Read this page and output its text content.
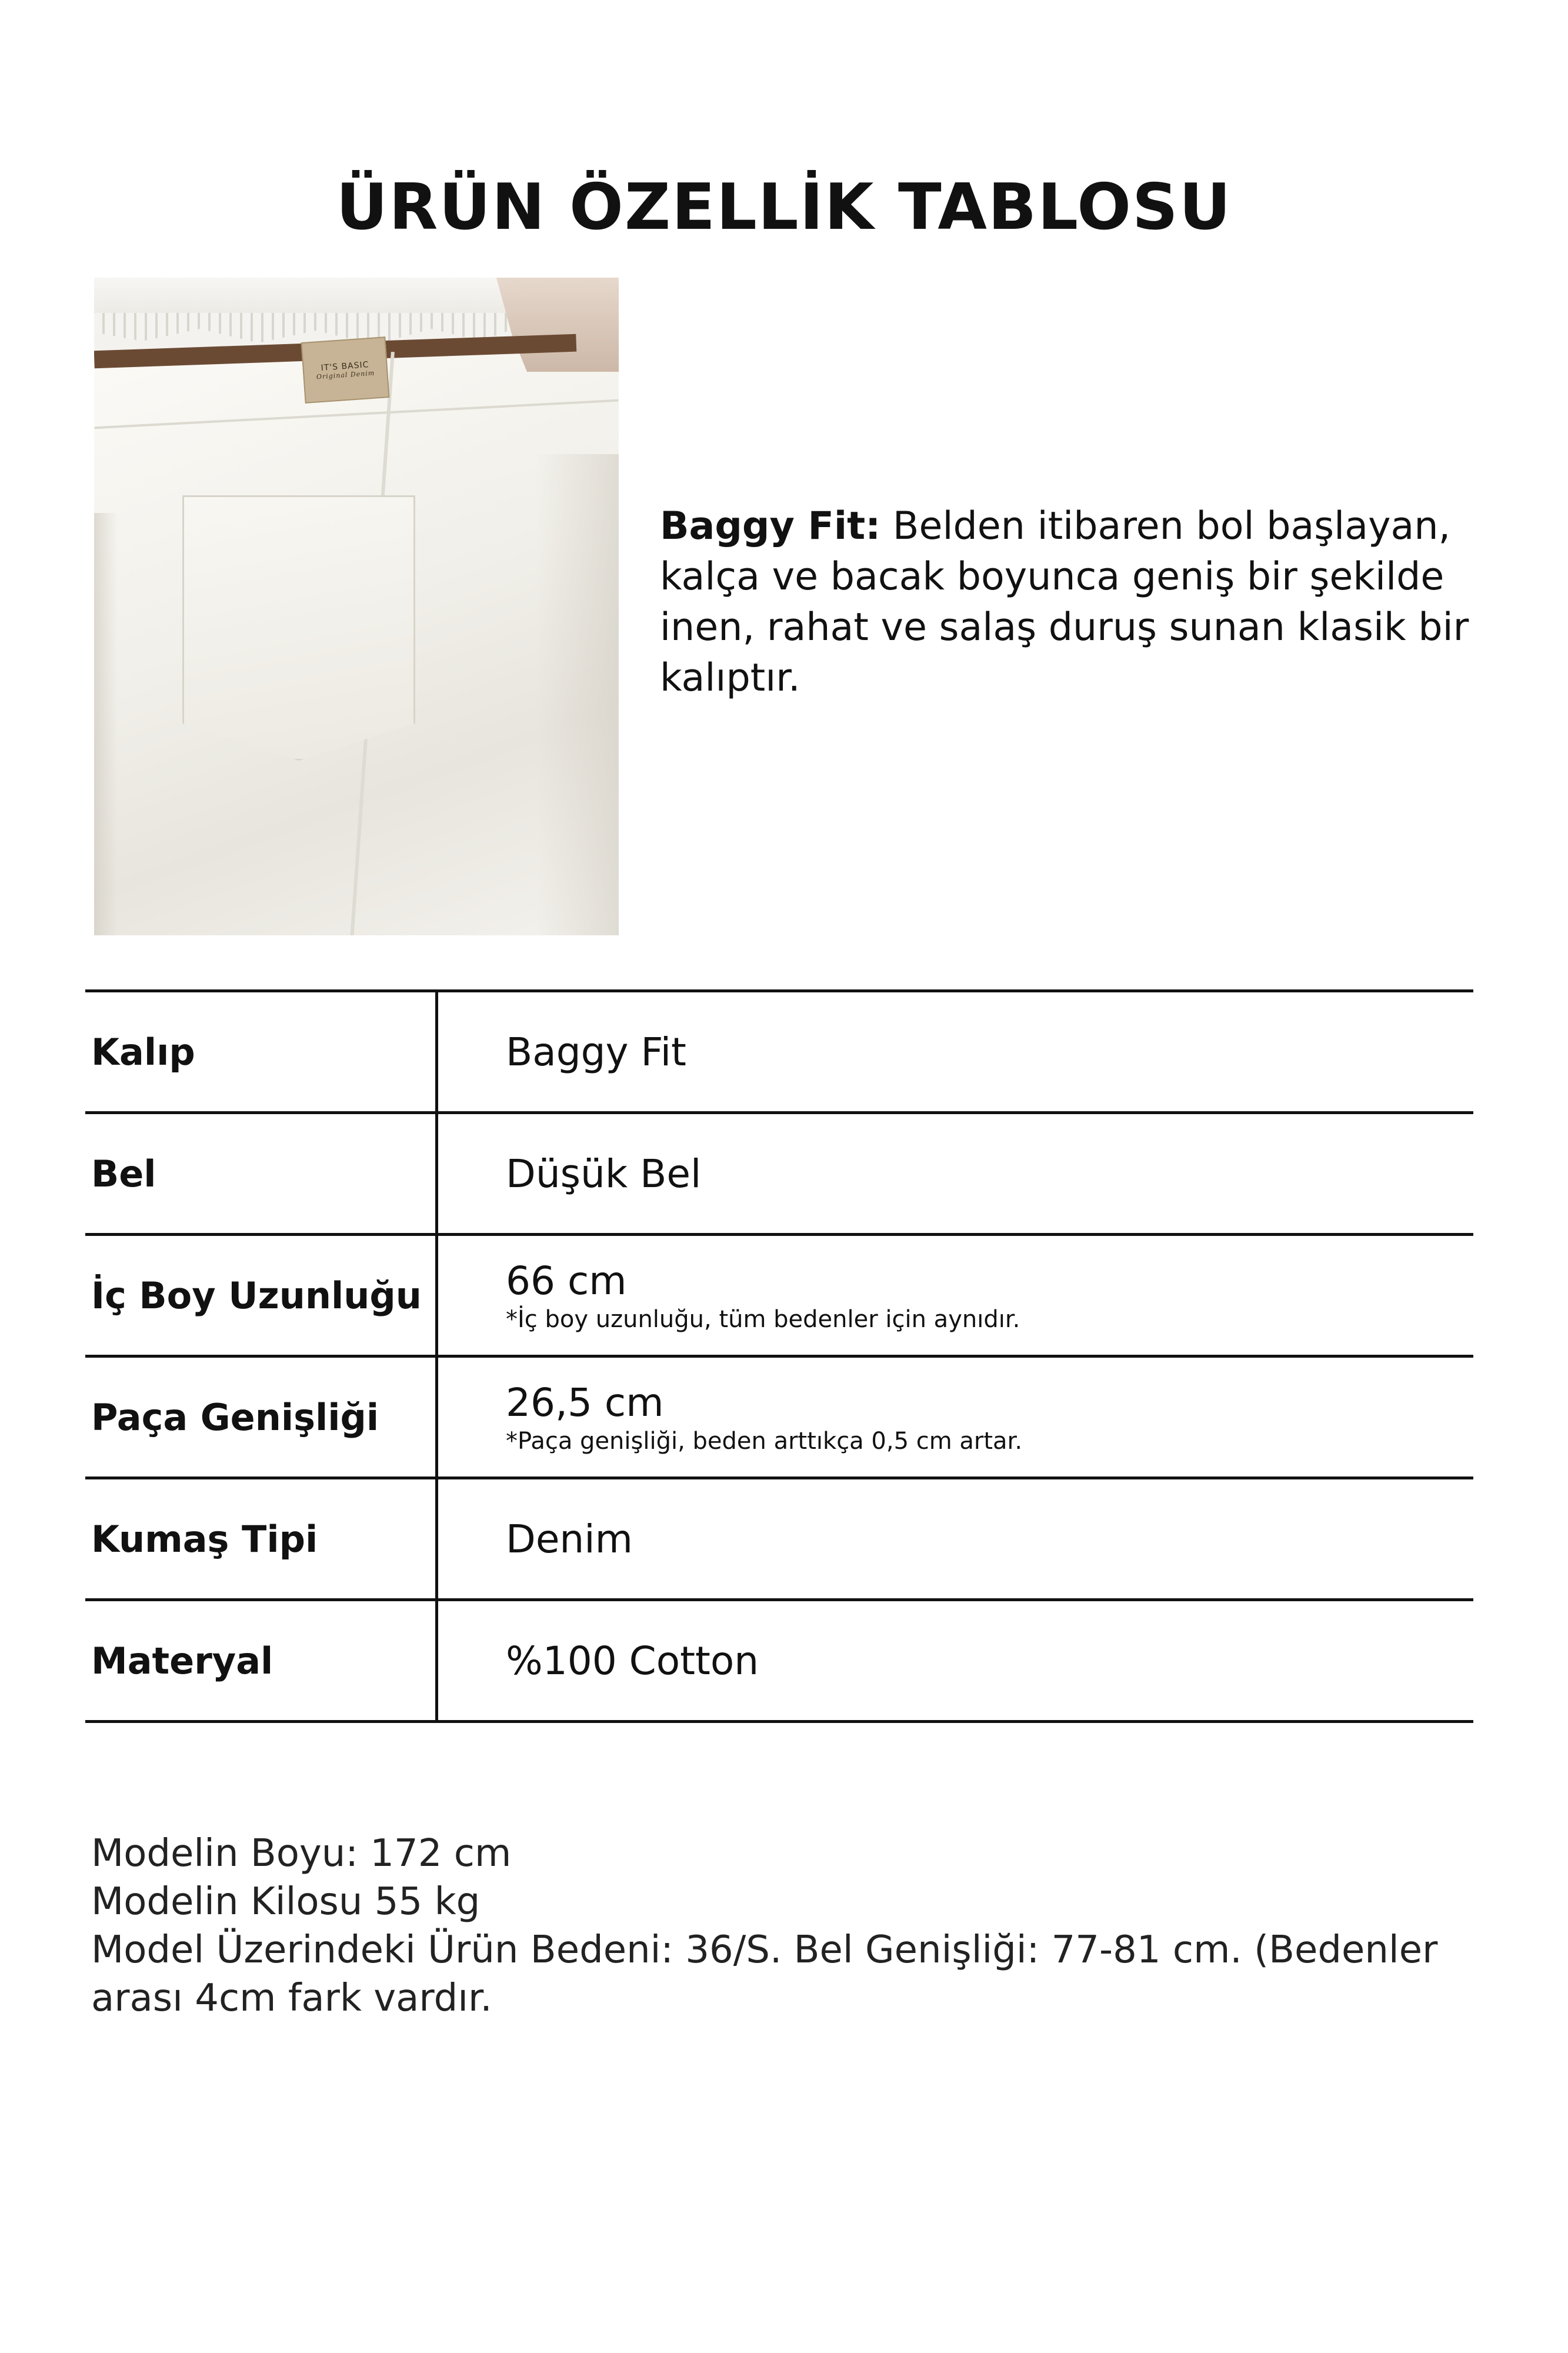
ÜRÜN ÖZELLİK TABLOSU
IT'S BASIC
Original Denim

Baggy Fit: Belden itibaren bol başlayan, kalça ve bacak boyunca geniş bir şekilde inen, rahat ve salaş duruş sunan klasik bir kalıptır.

Kalıp	Baggy Fit
Bel	Düşük Bel
İç Boy Uzunluğu 66 cm
*İç boy uzunluğu, tüm bedenler için aynıdır.
Paça Genişliği	26,5 cm
*Paça genişliği, beden arttıkça 0,5 cm artar.
Kumaş Tipi	Denim
Materyal	%100 Cotton
Modelin Boyu: 172 cm
Modelin Kilosu 55 kg
Model Üzerindeki Ürün Bedeni: 36/S. Bel Genişliği: 77-81 cm. (Bedenler arası 4cm fark vardır.
